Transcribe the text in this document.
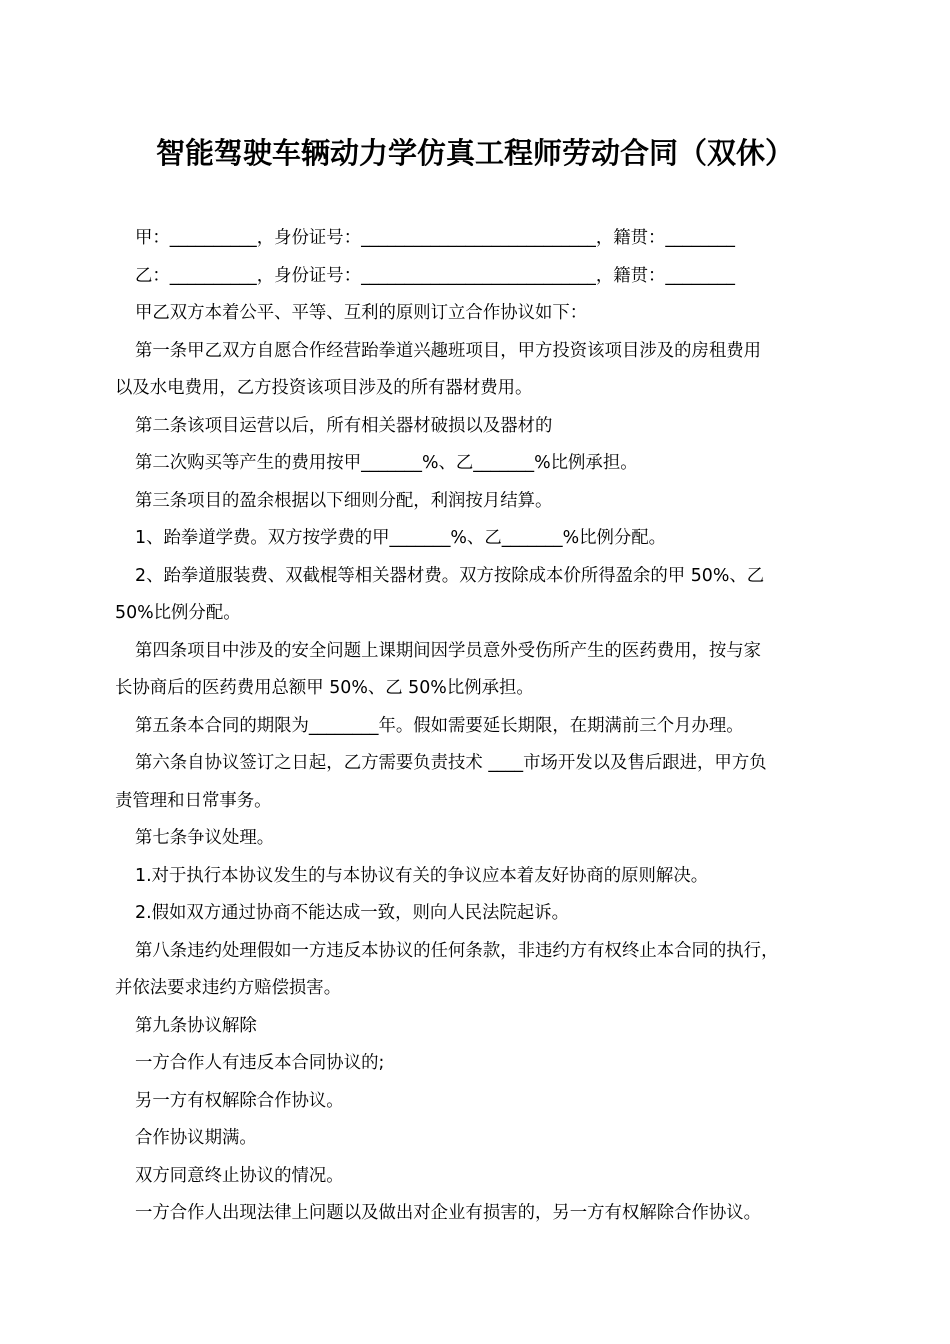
智能驾驶车辆动力学仿真工程师劳动合同（双休）
甲：__________，身份证号：___________________________，籍贯：________
乙：__________，身份证号：___________________________，籍贯：________
甲乙双方本着公平、平等、互利的原则订立合作协议如下：
第一条甲乙双方自愿合作经营跆拳道兴趣班项目，甲方投资该项目涉及的房租费用
以及水电费用，乙方投资该项目涉及的所有器材费用。
第二条该项目运营以后，所有相关器材破损以及器材的
第二次购买等产生的费用按甲_______%、乙_______%比例承担。
第三条项目的盈余根据以下细则分配，利润按月结算。
1、跆拳道学费。双方按学费的甲_______%、乙_______%比例分配。
2、跆拳道服装费、双截棍等相关器材费。双方按除成本价所得盈余的甲 50%、乙
50%比例分配。
第四条项目中涉及的安全问题上课期间因学员意外受伤所产生的医药费用，按与家
长协商后的医药费用总额甲 50%、乙 50%比例承担。
第五条本合同的期限为________年。假如需要延长期限，在期满前三个月办理。
第六条自协议签订之日起，乙方需要负责技术 ____市场开发以及售后跟进，甲方负
责管理和日常事务。
第七条争议处理。
1.对于执行本协议发生的与本协议有关的争议应本着友好协商的原则解决。
2.假如双方通过协商不能达成一致，则向人民法院起诉。
第八条违约处理假如一方违反本协议的任何条款，非违约方有权终止本合同的执行，
并依法要求违约方赔偿损害。
第九条协议解除
一方合作人有违反本合同协议的;
另一方有权解除合作协议。
合作协议期满。
双方同意终止协议的情况。
一方合作人出现法律上问题以及做出对企业有损害的，另一方有权解除合作协议。
